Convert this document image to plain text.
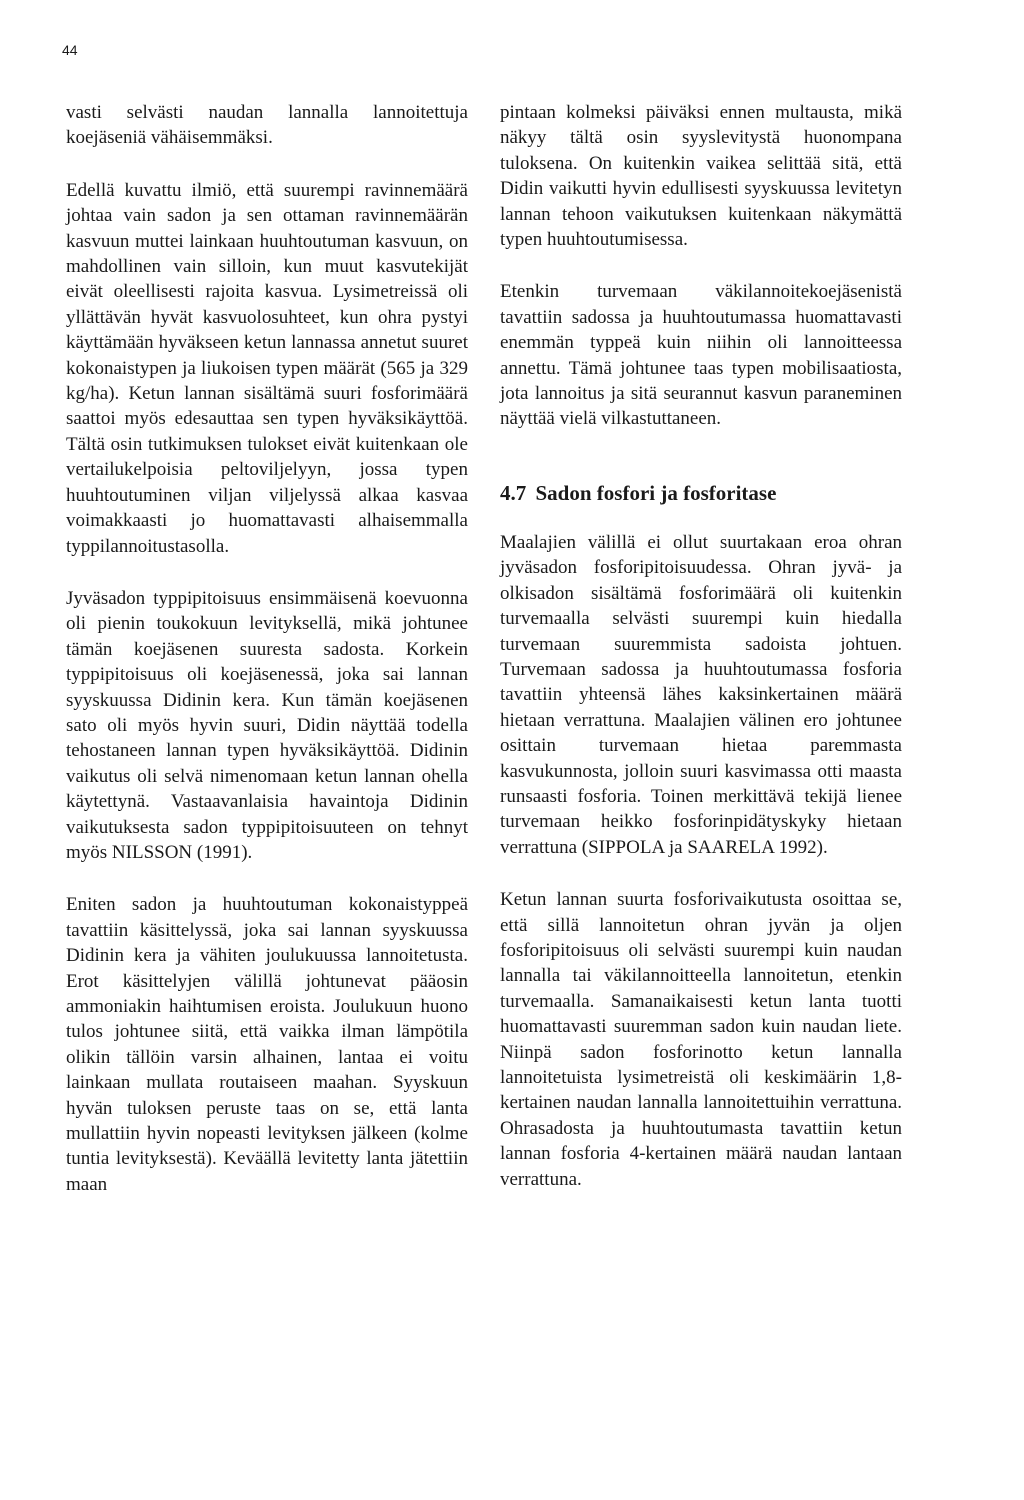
44

vasti selvästi naudan lannalla lannoitettuja koejäseniä vähäisemmäksi.

Edellä kuvattu ilmiö, että suurempi ravinnemäärä johtaa vain sadon ja sen ottaman ravinnemäärän kasvuun muttei lainkaan huuhtoutuman kasvuun, on mahdollinen vain silloin, kun muut kasvutekijät eivät oleellisesti rajoita kasvua. Lysimetreissä oli yllättävän hyvät kasvuolosuhteet, kun ohra pystyi käyttämään hyväkseen ketun lannassa annetut suuret kokonaistypen ja liukoisen typen määrät (565 ja 329 kg/ha). Ketun lannan sisältämä suuri fosforimäärä saattoi myös edesauttaa sen typen hyväksikäyttöä. Tältä osin tutkimuksen tulokset eivät kuitenkaan ole vertailukelpoisia peltoviljelyyn, jossa typen huuhtoutuminen viljan viljelyssä alkaa kasvaa voimakkaasti jo huomattavasti alhaisemmalla typpilannoitustasolla.

Jyväsadon typpipitoisuus ensimmäisenä koevuonna oli pienin toukokuun levityksellä, mikä johtunee tämän koejäsenen suuresta sadosta. Korkein typpipitoisuus oli koejäsenessä, joka sai lannan syyskuussa Didinin kera. Kun tämän koejäsenen sato oli myös hyvin suuri, Didin näyttää todella tehostaneen lannan typen hyväksikäyttöä. Didinin vaikutus oli selvä nimenomaan ketun lannan ohella käytettynä. Vastaavanlaisia havaintoja Didinin vaikutuksesta sadon typpipitoisuuteen on tehnyt myös NILSSON (1991).

Eniten sadon ja huuhtoutuman kokonaistyppeä tavattiin käsittelyssä, joka sai lannan syyskuussa Didinin kera ja vähiten joulukuussa lannoitetusta. Erot käsittelyjen välillä johtunevat pääosin ammoniakin haihtumisen eroista. Joulukuun huono tulos johtunee siitä, että vaikka ilman lämpötila olikin tällöin varsin alhainen, lantaa ei voitu lainkaan mullata routaiseen maahan. Syyskuun hyvän tuloksen peruste taas on se, että lanta mullattiin hyvin nopeasti levityksen jälkeen (kolme tuntia levityksestä). Keväällä levitetty lanta jätettiin maan

pintaan kolmeksi päiväksi ennen multausta, mikä näkyy tältä osin syyslevitystä huonompana tuloksena. On kuitenkin vaikea selittää sitä, että Didin vaikutti hyvin edullisesti syyskuussa levitetyn lannan tehoon vaikutuksen kuitenkaan näkymättä typen huuhtoutumisessa.

Etenkin turvemaan väkilannoitekoejäsenistä tavattiin sadossa ja huuhtoutumassa huomattavasti enemmän typpeä kuin niihin oli lannoitteessa annettu. Tämä johtunee taas typen mobilisaatiosta, jota lannoitus ja sitä seurannut kasvun paraneminen näyttää vielä vilkastuttaneen.

4.7 Sadon fosfori ja fosforitase

Maalajien välillä ei ollut suurtakaan eroa ohran jyväsadon fosforipitoisuudessa. Ohran jyvä- ja olkisadon sisältämä fosforimäärä oli kuitenkin turvemaalla selvästi suurempi kuin hiedalla turvemaan suuremmista sadoista johtuen. Turvemaan sadossa ja huuhtoutumassa fosforia tavattiin yhteensä lähes kaksinkertainen määrä hietaan verrattuna. Maalajien välinen ero johtunee osittain turvemaan hietaa paremmasta kasvukunnosta, jolloin suuri kasvimassa otti maasta runsaasti fosforia. Toinen merkittävä tekijä lienee turvemaan heikko fosforinpidätyskyky hietaan verrattuna (SIPPOLA ja SAARELA 1992).

Ketun lannan suurta fosforivaikutusta osoittaa se, että sillä lannoitetun ohran jyvän ja oljen fosforipitoisuus oli selvästi suurempi kuin naudan lannalla tai väkilannoitteella lannoitetun, etenkin turvemaalla. Samanaikaisesti ketun lanta tuotti huomattavasti suuremman sadon kuin naudan liete. Niinpä sadon fosforinotto ketun lannalla lannoitetuista lysimetreistä oli keskimäärin 1,8-kertainen naudan lannalla lannoitettuihin verrattuna. Ohrasadosta ja huuhtoutumasta tavattiin ketun lannan fosforia 4-kertainen määrä naudan lantaan verrattuna.
